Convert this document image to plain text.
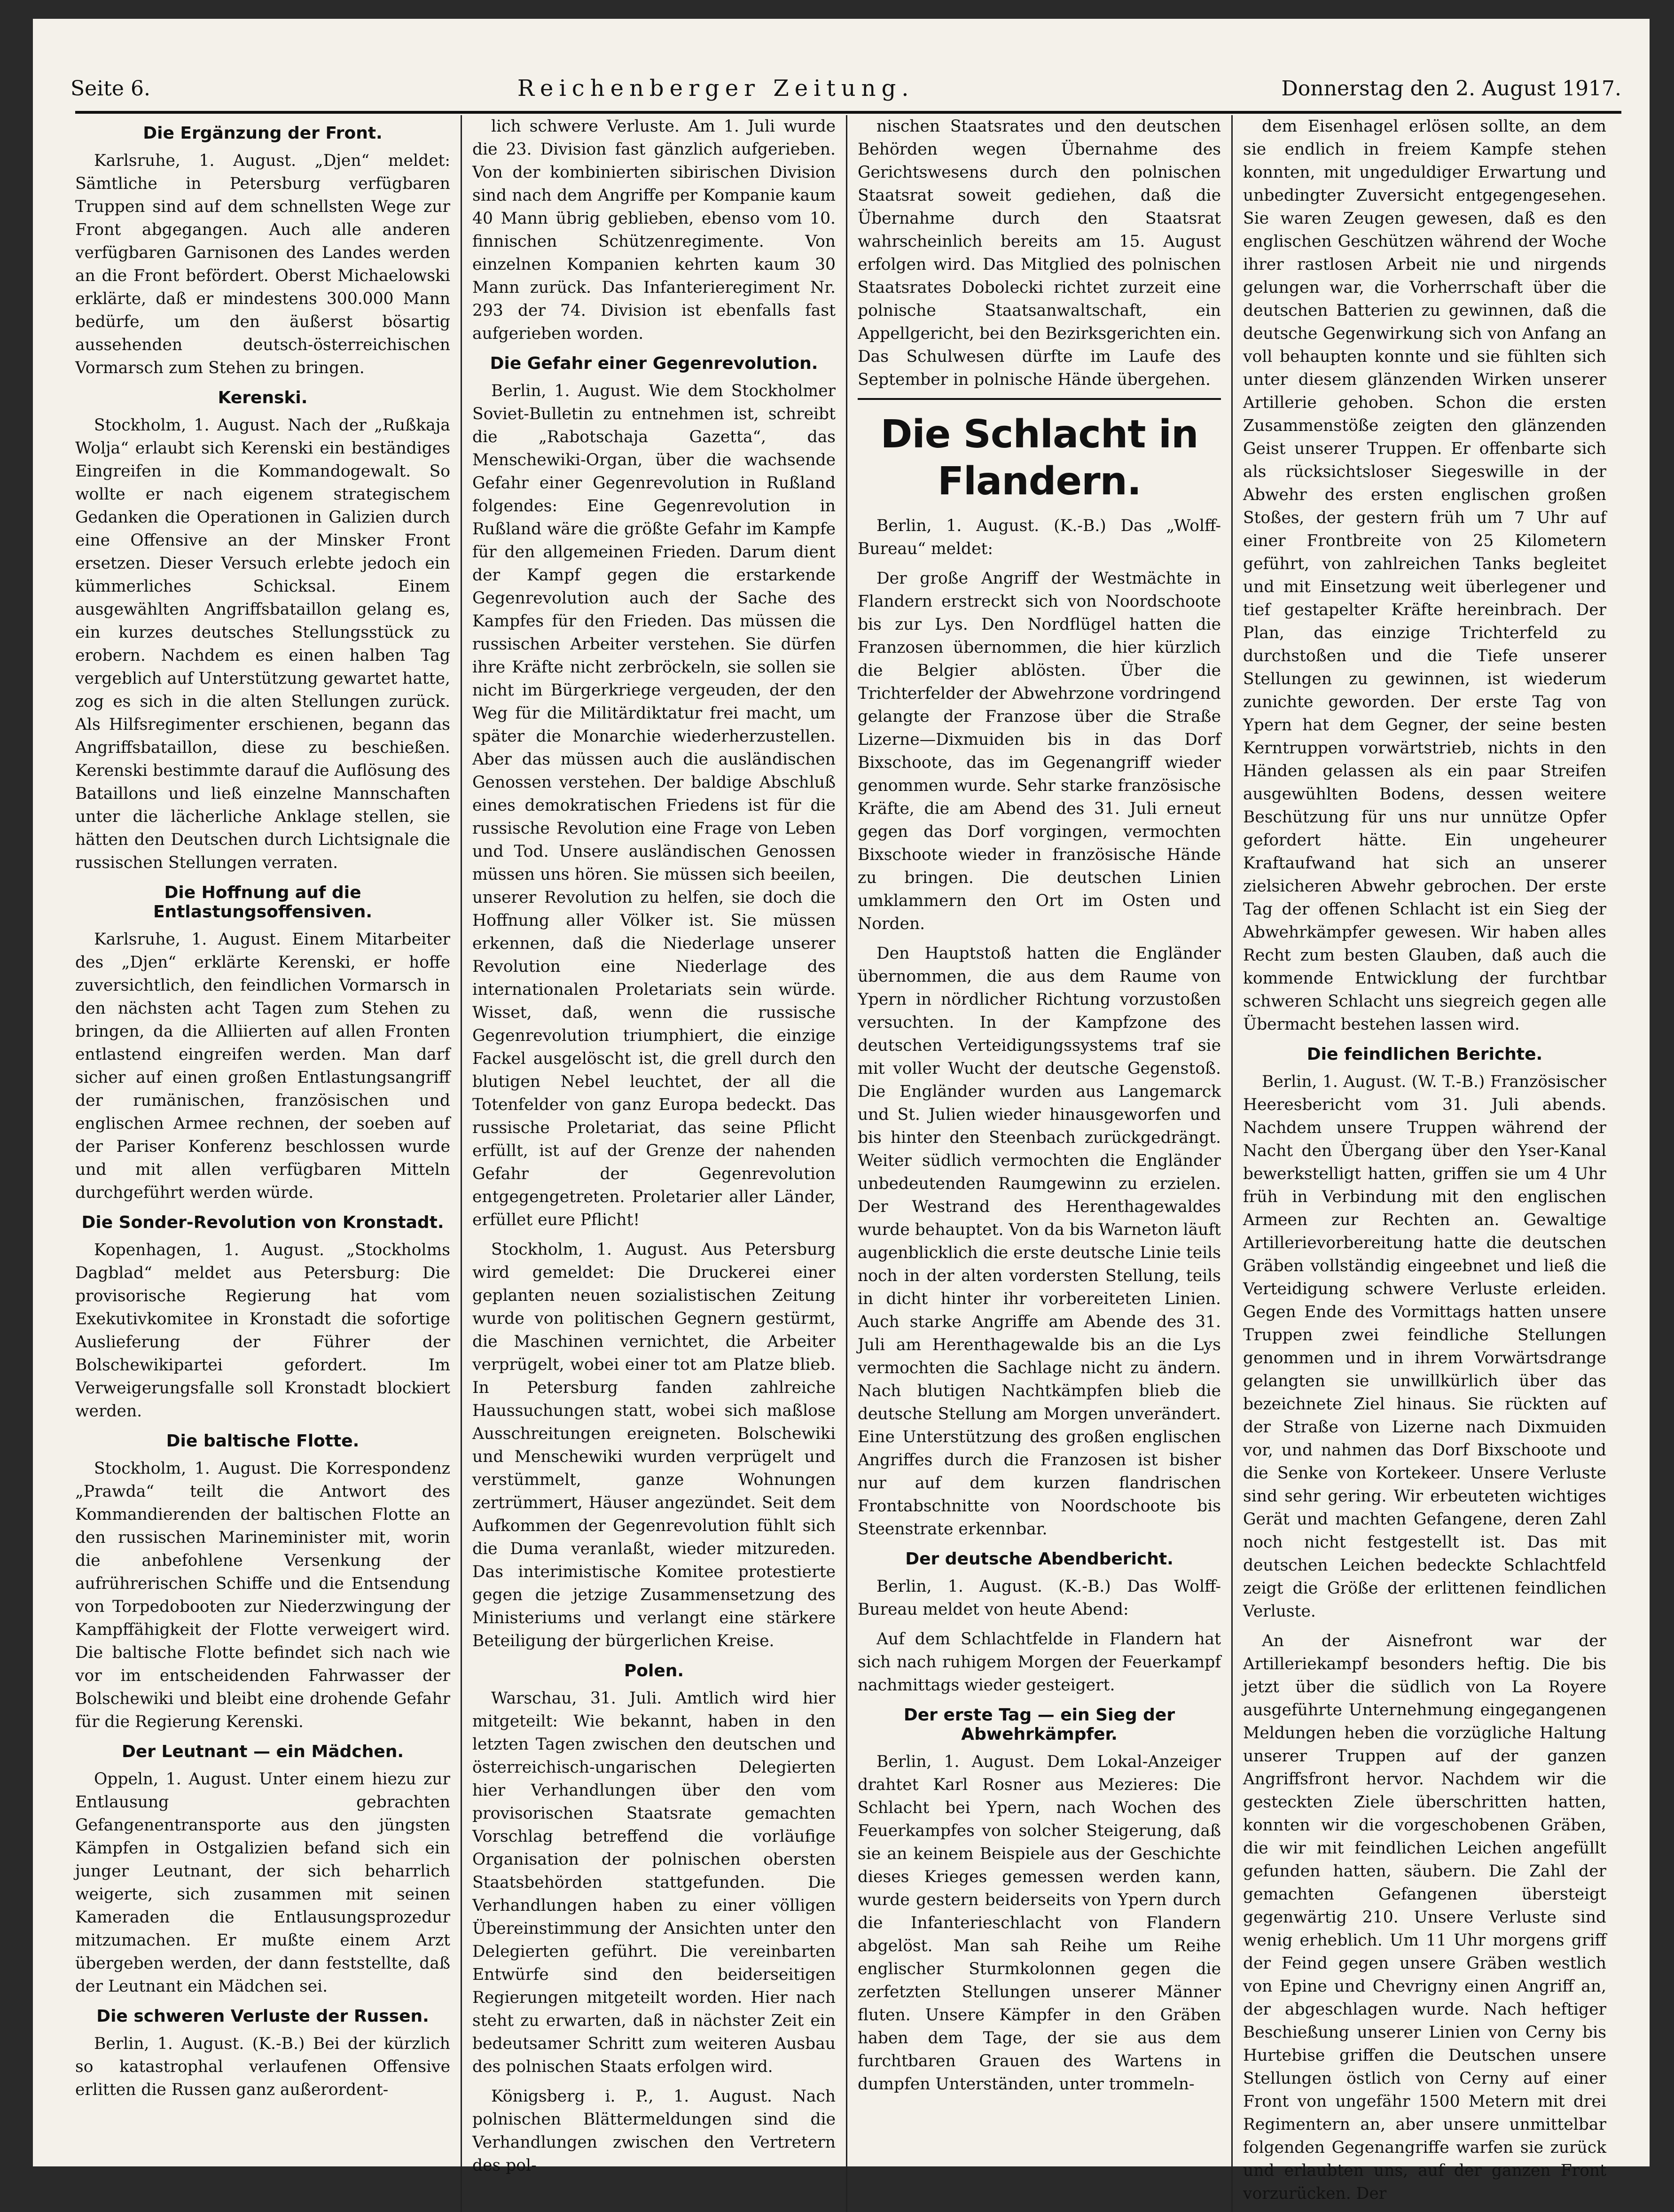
Seite 6.	Reichenberger Zeitung.	Donnerstag den 2. August 1917.
Die Ergänzung der Front.

Karlsruhe, 1. August. „Djen“ meldet: Sämtliche in Petersburg verfügbaren Truppen sind auf dem schnellsten Wege zur Front abgegangen. Auch alle anderen verfügbaren Garnisonen des Landes werden an die Front befördert. Oberst Michaelowski erklärte, daß er mindestens 300.000 Mann bedürfe, um den äußerst bösartig aussehenden deutsch-österreichischen Vormarsch zum Stehen zu bringen.

Kerenski.

Stockholm, 1. August. Nach der „Rußkaja Wolja“ erlaubt sich Kerenski ein beständiges Eingreifen in die Kommandogewalt. So wollte er nach eigenem strategischem Gedanken die Operationen in Galizien durch eine Offensive an der Minsker Front ersetzen. Dieser Versuch erlebte jedoch ein kümmerliches Schicksal. Einem ausgewählten Angriffsbataillon gelang es, ein kurzes deutsches Stellungsstück zu erobern. Nachdem es einen halben Tag vergeblich auf Unterstützung gewartet hatte, zog es sich in die alten Stellungen zurück. Als Hilfsregimenter erschienen, begann das Angriffsbataillon, diese zu beschießen. Kerenski bestimmte darauf die Auflösung des Bataillons und ließ einzelne Mannschaften unter die lächerliche Anklage stellen, sie hätten den Deutschen durch Lichtsignale die russischen Stellungen verraten.

Die Hoffnung auf die Entlastungsoffensiven.

Karlsruhe, 1. August. Einem Mitarbeiter des „Djen“ erklärte Kerenski, er hoffe zuversichtlich, den feindlichen Vormarsch in den nächsten acht Tagen zum Stehen zu bringen, da die Alliierten auf allen Fronten entlastend eingreifen werden. Man darf sicher auf einen großen Entlastungsangriff der rumänischen, französischen und englischen Armee rechnen, der soeben auf der Pariser Konferenz beschlossen wurde und mit allen verfügbaren Mitteln durchgeführt werden würde.

Die Sonder-Revolution von Kronstadt.

Kopenhagen, 1. August. „Stockholms Dagblad“ meldet aus Petersburg: Die provisorische Regierung hat vom Exekutivkomitee in Kronstadt die sofortige Auslieferung der Führer der Bolschewikipartei gefordert. Im Verweigerungsfalle soll Kronstadt blockiert werden.

Die baltische Flotte.

Stockholm, 1. August. Die Korrespondenz „Prawda“ teilt die Antwort des Kommandierenden der baltischen Flotte an den russischen Marineminister mit, worin die anbefohlene Versenkung der aufrührerischen Schiffe und die Entsendung von Torpedobooten zur Niederzwingung der Kampffähigkeit der Flotte verweigert wird. Die baltische Flotte befindet sich nach wie vor im entscheidenden Fahrwasser der Bolschewiki und bleibt eine drohende Gefahr für die Regierung Kerenski.

Der Leutnant — ein Mädchen.

Oppeln, 1. August. Unter einem hiezu zur Entlausung gebrachten Gefangenentransporte aus den jüngsten Kämpfen in Ostgalizien befand sich ein junger Leutnant, der sich beharrlich weigerte, sich zusammen mit seinen Kameraden die Entlausungsprozedur mitzumachen. Er mußte einem Arzt übergeben werden, der dann feststellte, daß der Leutnant ein Mädchen sei.

Die schweren Verluste der Russen.

Berlin, 1. August. (K.-B.) Bei der kürzlich so katastrophal verlaufenen Offensive erlitten die Russen ganz außerordent-

lich schwere Verluste. Am 1. Juli wurde die 23. Division fast gänzlich aufgerieben. Von der kombinierten sibirischen Division sind nach dem Angriffe per Kompanie kaum 40 Mann übrig geblieben, ebenso vom 10. finnischen Schützenregimente. Von einzelnen Kompanien kehrten kaum 30 Mann zurück. Das Infanterieregiment Nr. 293 der 74. Division ist ebenfalls fast aufgerieben worden.

Die Gefahr einer Gegenrevolution.

Berlin, 1. August. Wie dem Stockholmer Soviet-Bulletin zu entnehmen ist, schreibt die „Rabotschaja Gazetta“, das Menschewiki-Organ, über die wachsende Gefahr einer Gegenrevolution in Rußland folgendes: Eine Gegenrevolution in Rußland wäre die größte Gefahr im Kampfe für den allgemeinen Frieden. Darum dient der Kampf gegen die erstarkende Gegenrevolution auch der Sache des Kampfes für den Frieden. Das müssen die russischen Arbeiter verstehen. Sie dürfen ihre Kräfte nicht zerbröckeln, sie sollen sie nicht im Bürgerkriege vergeuden, der den Weg für die Militärdiktatur frei macht, um später die Monarchie wiederherzustellen. Aber das müssen auch die ausländischen Genossen verstehen. Der baldige Abschluß eines demokratischen Friedens ist für die russische Revolution eine Frage von Leben und Tod. Unsere ausländischen Genossen müssen uns hören. Sie müssen sich beeilen, unserer Revolution zu helfen, sie doch die Hoffnung aller Völker ist. Sie müssen erkennen, daß die Niederlage unserer Revolution eine Niederlage des internationalen Proletariats sein würde. Wisset, daß, wenn die russische Gegenrevolution triumphiert, die einzige Fackel ausgelöscht ist, die grell durch den blutigen Nebel leuchtet, der all die Totenfelder von ganz Europa bedeckt. Das russische Proletariat, das seine Pflicht erfüllt, ist auf der Grenze der nahenden Gefahr der Gegenrevolution entgegengetreten. Proletarier aller Länder, erfüllet eure Pflicht!

Stockholm, 1. August. Aus Petersburg wird gemeldet: Die Druckerei einer geplanten neuen sozialistischen Zeitung wurde von politischen Gegnern gestürmt, die Maschinen vernichtet, die Arbeiter verprügelt, wobei einer tot am Platze blieb. In Petersburg fanden zahlreiche Haussuchungen statt, wobei sich maßlose Ausschreitungen ereigneten. Bolschewiki und Menschewiki wurden verprügelt und verstümmelt, ganze Wohnungen zertrümmert, Häuser angezündet. Seit dem Aufkommen der Gegenrevolution fühlt sich die Duma veranlaßt, wieder mitzureden. Das interimistische Komitee protestierte gegen die jetzige Zusammensetzung des Ministeriums und verlangt eine stärkere Beteiligung der bürgerlichen Kreise.

Polen.

Warschau, 31. Juli. Amtlich wird hier mitgeteilt: Wie bekannt, haben in den letzten Tagen zwischen den deutschen und österreichisch-ungarischen Delegierten hier Verhandlungen über den vom provisorischen Staatsrate gemachten Vorschlag betreffend die vorläufige Organisation der polnischen obersten Staatsbehörden stattgefunden. Die Verhandlungen haben zu einer völligen Übereinstimmung der Ansichten unter den Delegierten geführt. Die vereinbarten Entwürfe sind den beiderseitigen Regierungen mitgeteilt worden. Hier nach steht zu erwarten, daß in nächster Zeit ein bedeutsamer Schritt zum weiteren Ausbau des polnischen Staats erfolgen wird.

Königsberg i. P., 1. August. Nach polnischen Blättermeldungen sind die Verhandlungen zwischen den Vertretern des pol-

nischen Staatsrates und den deutschen Behörden wegen Übernahme des Gerichtswesens durch den polnischen Staatsrat soweit gediehen, daß die Übernahme durch den Staatsrat wahrscheinlich bereits am 15. August erfolgen wird. Das Mitglied des polnischen Staatsrates Dobolecki richtet zurzeit eine polnische Staatsanwaltschaft, ein Appellgericht, bei den Bezirksgerichten ein. Das Schulwesen dürfte im Laufe des September in polnische Hände übergehen.

Die Schlacht in Flandern.

Berlin, 1. August. (K.-B.) Das „Wolff-Bureau“ meldet:

Der große Angriff der Westmächte in Flandern erstreckt sich von Noordschoote bis zur Lys. Den Nordflügel hatten die Franzosen übernommen, die hier kürzlich die Belgier ablösten. Über die Trichterfelder der Abwehrzone vordringend gelangte der Franzose über die Straße Lizerne—Dixmuiden bis in das Dorf Bixschoote, das im Gegenangriff wieder genommen wurde. Sehr starke französische Kräfte, die am Abend des 31. Juli erneut gegen das Dorf vorgingen, vermochten Bixschoote wieder in französische Hände zu bringen. Die deutschen Linien umklammern den Ort im Osten und Norden.

Den Hauptstoß hatten die Engländer übernommen, die aus dem Raume von Ypern in nördlicher Richtung vorzustoßen versuchten. In der Kampfzone des deutschen Verteidigungssystems traf sie mit voller Wucht der deutsche Gegenstoß. Die Engländer wurden aus Langemarck und St. Julien wieder hinausgeworfen und bis hinter den Steenbach zurückgedrängt. Weiter südlich vermochten die Engländer unbedeutenden Raumgewinn zu erzielen. Der Westrand des Herenthagewaldes wurde behauptet. Von da bis Warneton läuft augenblicklich die erste deutsche Linie teils noch in der alten vordersten Stellung, teils in dicht hinter ihr vorbereiteten Linien. Auch starke Angriffe am Abende des 31. Juli am Herenthagewalde bis an die Lys vermochten die Sachlage nicht zu ändern. Nach blutigen Nachtkämpfen blieb die deutsche Stellung am Morgen unverändert. Eine Unterstützung des großen englischen Angriffes durch die Franzosen ist bisher nur auf dem kurzen flandrischen Frontabschnitte von Noordschoote bis Steenstrate erkennbar.

Der deutsche Abendbericht.

Berlin, 1. August. (K.-B.) Das Wolff-Bureau meldet von heute Abend:

Auf dem Schlachtfelde in Flandern hat sich nach ruhigem Morgen der Feuerkampf nachmittags wieder gesteigert.

Der erste Tag — ein Sieg der Abwehrkämpfer.

Berlin, 1. August. Dem Lokal-Anzeiger drahtet Karl Rosner aus Mezieres: Die Schlacht bei Ypern, nach Wochen des Feuerkampfes von solcher Steigerung, daß sie an keinem Beispiele aus der Geschichte dieses Krieges gemessen werden kann, wurde gestern beiderseits von Ypern durch die Infanterieschlacht von Flandern abgelöst. Man sah Reihe um Reihe englischer Sturmkolonnen gegen die zerfetzten Stellungen unserer Männer fluten. Unsere Kämpfer in den Gräben haben dem Tage, der sie aus dem furchtbaren Grauen des Wartens in dumpfen Unterständen, unter trommeln-

dem Eisenhagel erlösen sollte, an dem sie endlich in freiem Kampfe stehen konnten, mit ungeduldiger Erwartung und unbedingter Zuversicht entgegengesehen. Sie waren Zeugen gewesen, daß es den englischen Geschützen während der Woche ihrer rastlosen Arbeit nie und nirgends gelungen war, die Vorherrschaft über die deutschen Batterien zu gewinnen, daß die deutsche Gegenwirkung sich von Anfang an voll behaupten konnte und sie fühlten sich unter diesem glänzenden Wirken unserer Artillerie gehoben. Schon die ersten Zusammenstöße zeigten den glänzenden Geist unserer Truppen. Er offenbarte sich als rücksichtsloser Siegeswille in der Abwehr des ersten englischen großen Stoßes, der gestern früh um 7 Uhr auf einer Frontbreite von 25 Kilometern geführt, von zahlreichen Tanks begleitet und mit Einsetzung weit überlegener und tief gestapelter Kräfte hereinbrach. Der Plan, das einzige Trichterfeld zu durchstoßen und die Tiefe unserer Stellungen zu gewinnen, ist wiederum zunichte geworden. Der erste Tag von Ypern hat dem Gegner, der seine besten Kerntruppen vorwärtstrieb, nichts in den Händen gelassen als ein paar Streifen ausgewühlten Bodens, dessen weitere Beschützung für uns nur unnütze Opfer gefordert hätte. Ein ungeheurer Kraftaufwand hat sich an unserer zielsicheren Abwehr gebrochen. Der erste Tag der offenen Schlacht ist ein Sieg der Abwehrkämpfer gewesen. Wir haben alles Recht zum besten Glauben, daß auch die kommende Entwicklung der furchtbar schweren Schlacht uns siegreich gegen alle Übermacht bestehen lassen wird.

Die feindlichen Berichte.

Berlin, 1. August. (W. T.-B.) Französischer Heeresbericht vom 31. Juli abends. Nachdem unsere Truppen während der Nacht den Übergang über den Yser-Kanal bewerkstelligt hatten, griffen sie um 4 Uhr früh in Verbindung mit den englischen Armeen zur Rechten an. Gewaltige Artillerievorbereitung hatte die deutschen Gräben vollständig eingeebnet und ließ die Verteidigung schwere Verluste erleiden. Gegen Ende des Vormittags hatten unsere Truppen zwei feindliche Stellungen genommen und in ihrem Vorwärtsdrange gelangten sie unwillkürlich über das bezeichnete Ziel hinaus. Sie rückten auf der Straße von Lizerne nach Dixmuiden vor, und nahmen das Dorf Bixschoote und die Senke von Kortekeer. Unsere Verluste sind sehr gering. Wir erbeuteten wichtiges Gerät und machten Gefangene, deren Zahl noch nicht festgestellt ist. Das mit deutschen Leichen bedeckte Schlachtfeld zeigt die Größe der erlittenen feindlichen Verluste.

An der Aisnefront war der Artilleriekampf besonders heftig. Die bis jetzt über die südlich von La Royere ausgeführte Unternehmung eingegangenen Meldungen heben die vorzügliche Haltung unserer Truppen auf der ganzen Angriffsfront hervor. Nachdem wir die gesteckten Ziele überschritten hatten, konnten wir die vorgeschobenen Gräben, die wir mit feindlichen Leichen angefüllt gefunden hatten, säubern. Die Zahl der gemachten Gefangenen übersteigt gegenwärtig 210. Unsere Verluste sind wenig erheblich. Um 11 Uhr morgens griff der Feind gegen unsere Gräben westlich von Epine und Chevrigny einen Angriff an, der abgeschlagen wurde. Nach heftiger Beschießung unserer Linien von Cerny bis Hurtebise griffen die Deutschen unsere Stellungen östlich von Cerny auf einer Front von ungefähr 1500 Metern mit drei Regimentern an, aber unsere unmittelbar folgenden Gegenangriffe warfen sie zurück und erlaubten uns, auf der ganzen Front vorzurücken. Der
